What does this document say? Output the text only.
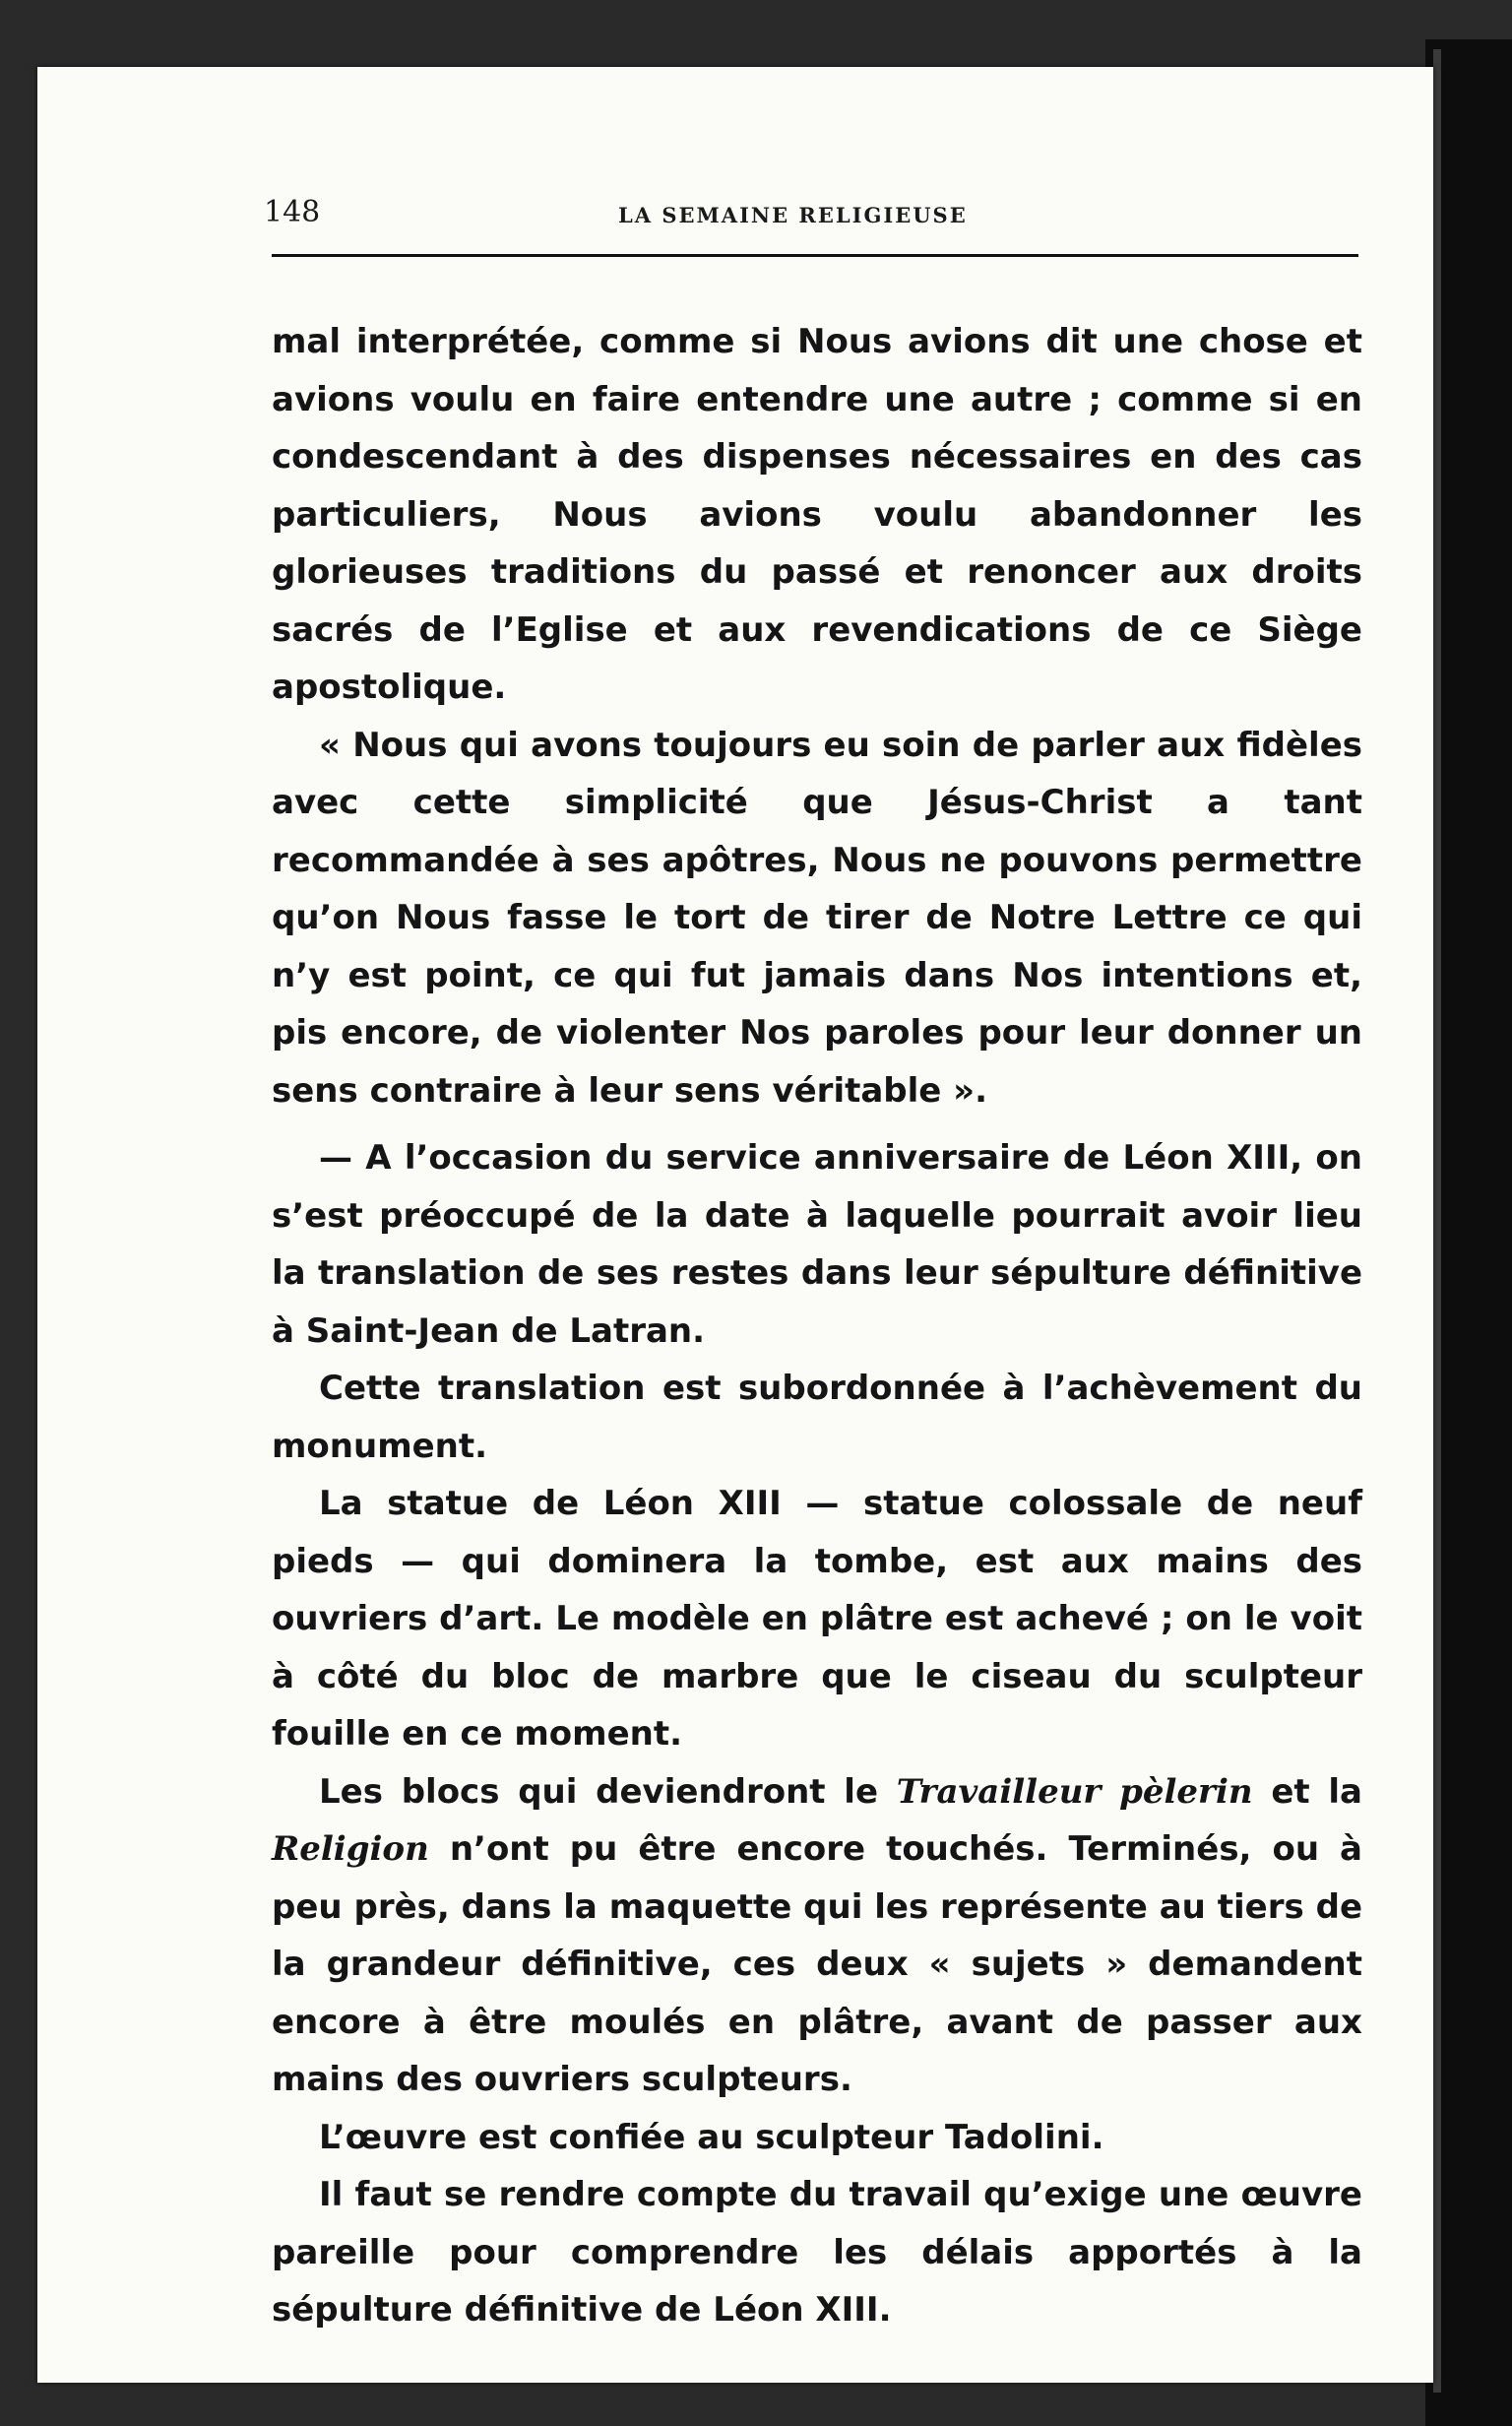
148	LA SEMAINE RELIGIEUSE

mal interprétée, comme si Nous avions dit une chose et avions voulu en faire entendre une autre ; comme si en condescendant à des dispenses nécessaires en des cas particuliers, Nous avions voulu abandonner les glorieuses traditions du passé et renoncer aux droits sacrés de l’Eglise et aux revendications de ce Siège apostolique.

« Nous qui avons toujours eu soin de parler aux fidèles avec cette simplicité que Jésus-Christ a tant recommandée à ses apôtres, Nous ne pouvons permettre qu’on Nous fasse le tort de tirer de Notre Lettre ce qui n’y est point, ce qui fut jamais dans Nos intentions et, pis encore, de violenter Nos paroles pour leur donner un sens contraire à leur sens véritable ».

— A l’occasion du service anniversaire de Léon XIII, on s’est préoccupé de la date à laquelle pourrait avoir lieu la translation de ses restes dans leur sépulture définitive à Saint-Jean de Latran.

Cette translation est subordonnée à l’achèvement du monument.

La statue de Léon XIII — statue colossale de neuf pieds — qui dominera la tombe, est aux mains des ouvriers d’art. Le modèle en plâtre est achevé ; on le voit à côté du bloc de marbre que le ciseau du sculpteur fouille en ce moment.

Les blocs qui deviendront le Travailleur pèlerin et la Religion n’ont pu être encore touchés. Terminés, ou à peu près, dans la maquette qui les représente au tiers de la grandeur définitive, ces deux « sujets » demandent encore à être moulés en plâtre, avant de passer aux mains des ouvriers sculpteurs.

L’œuvre est confiée au sculpteur Tadolini.

Il faut se rendre compte du travail qu’exige une œuvre pareille pour comprendre les délais apportés à la sépulture définitive de Léon XIII.
